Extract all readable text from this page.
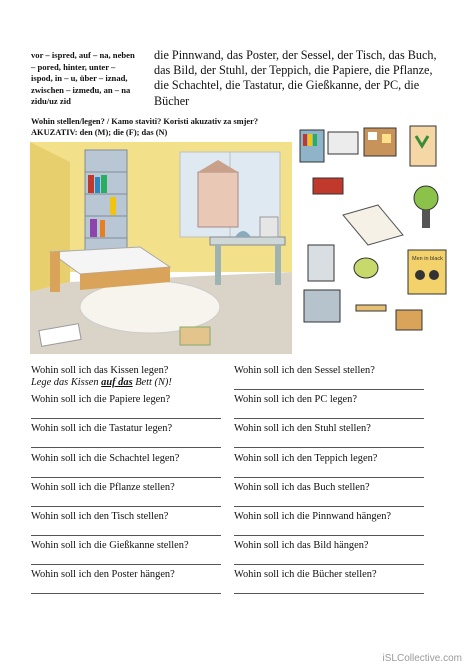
vor – ispred, auf – na, neben
– pored, hinter, unter –
ispod, in – u, über – iznad,
zwischen – između, an – na
zidu/uz zid
die Pinnwand, das Poster, der Sessel, der Tisch, das Buch,
das Bild, der Stuhl, der Teppich, die Papiere, die Pflanze,
die Schachtel, die Tastatur, die Gießkanne, der PC, die
Bücher
Wohin stellen/legen? / Kamo staviti? Koristi akuzativ za smjer?
AKUZATIV: den (M); die (F); das (N)
Men in black
Wohin soll ich das Kissen legen?	Wohin soll ich den Sessel stellen?
Wohin soll ich die Papiere legen?	Wohin soll ich den PC legen?
Wohin soll ich die Tastatur legen?	Wohin soll ich den Stuhl stellen?
Wohin soll ich die Schachtel legen?	Wohin soll ich den Teppich legen?
Wohin soll ich die Pflanze stellen?	Wohin soll ich das Buch stellen?
Wohin soll ich den Tisch stellen?	Wohin soll ich die Pinnwand hängen?
Wohin soll ich die Gießkanne stellen?	Wohin soll ich das Bild hängen?
Wohin soll ich den Poster hängen?	Wohin soll ich die Bücher stellen?
Lege das Kissen auf das Bett (N)!
iSLCollective.com
